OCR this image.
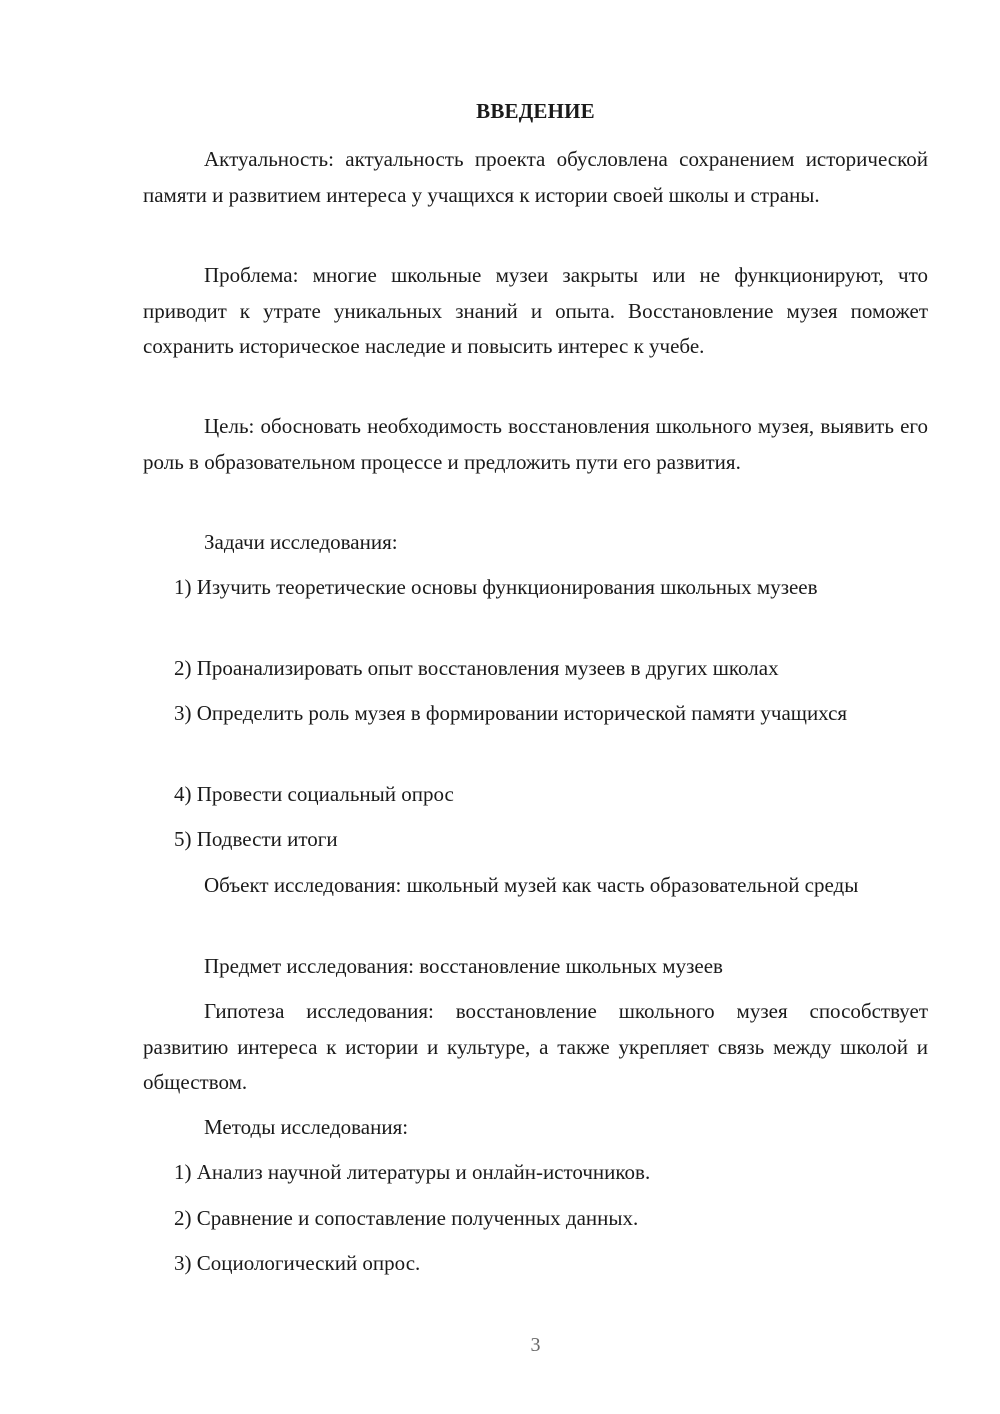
ВВЕДЕНИЕ
Актуальность: актуальность проекта обусловлена сохранением исторической памяти и развитием интереса у учащихся к истории своей школы и страны.
Проблема: многие школьные музеи закрыты или не функционируют, что приводит к утрате уникальных знаний и опыта. Восстановление музея поможет сохранить историческое наследие и повысить интерес к учебе.
Цель: обосновать необходимость восстановления школьного музея, выявить его роль в образовательном процессе и предложить пути его развития.
Задачи исследования:
1) Изучить теоретические основы функционирования школьных музеев
2) Проанализировать опыт восстановления музеев в других школах
3) Определить роль музея в формировании исторической памяти учащихся
4) Провести социальный опрос
5) Подвести итоги
Объект исследования: школьный музей как часть образовательной среды
Предмет исследования: восстановление школьных музеев
Гипотеза исследования: восстановление школьного музея способствует развитию интереса к истории и культуре, а также укрепляет связь между школой и обществом.
Методы исследования:
1) Анализ научной литературы и онлайн-источников.
2) Сравнение и сопоставление полученных данных.
3) Социологический опрос.
3
